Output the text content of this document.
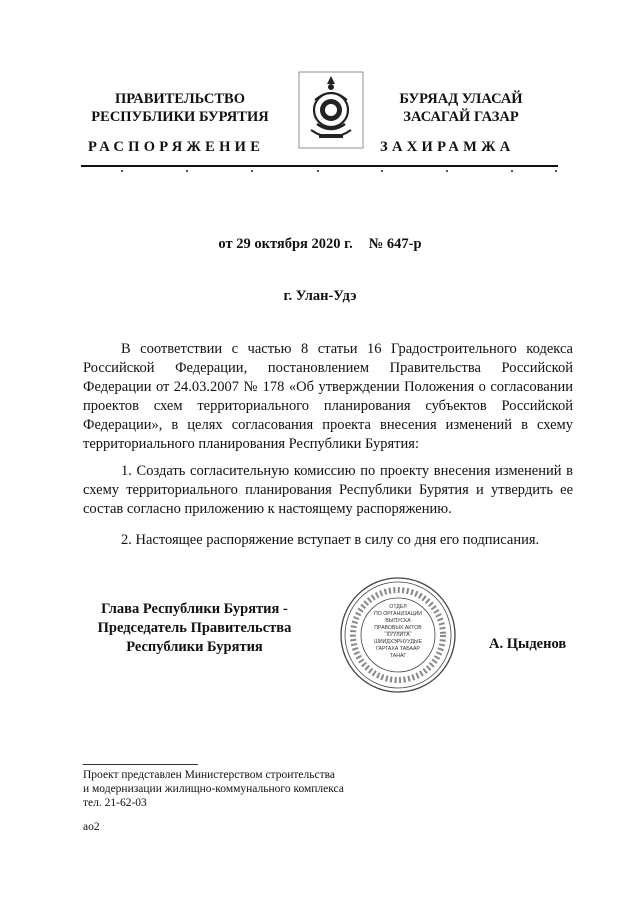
ПРАВИТЕЛЬСТВО
РЕСПУБЛИКИ БУРЯТИЯ
РАСПОРЯЖЕНИЕ
БУРЯАД УЛАСАЙ
ЗАСАГАЙ ГАЗАР
ЗАХИРАМЖА
от 29 октября 2020 г. № 647-р
г. Улан-Удэ

В соответствии с частью 8 статьи 16 Градостроительного кодекса Российской Федерации, постановлением Правительства Российской Федерации от 24.03.2007 № 178 «Об утверждении Положения о согласовании проектов схем территориального планирования субъектов Российской Федерации», в целях согласования проекта внесения изменений в схему территориального планирования Республики Бурятия:

1. Создать согласительную комиссию по проекту внесения изменений в схему территориального планирования Республики Бурятия и утвердить ее состав согласно приложению к настоящему распоряжению.

2. Настоящее распоряжение вступает в силу со дня его подписания.

Глава Республики Бурятия -
Председатель Правительства
Республики Бурятия
ОТДЕЛ
ПО ОРГАНИЗАЦИИ
ВЫПУСКА
ПРАВОВЫХ АКТОВ
ХУУЛИТА
ШИИДХЭРНУУДЫЕ
ГАРГАХА ТАБААР
ТАНАГ
А. Цыденов
Проект представлен Министерством строительства
и модернизации жилищно-коммунального комплекса
тел. 21-62-03
ао2
